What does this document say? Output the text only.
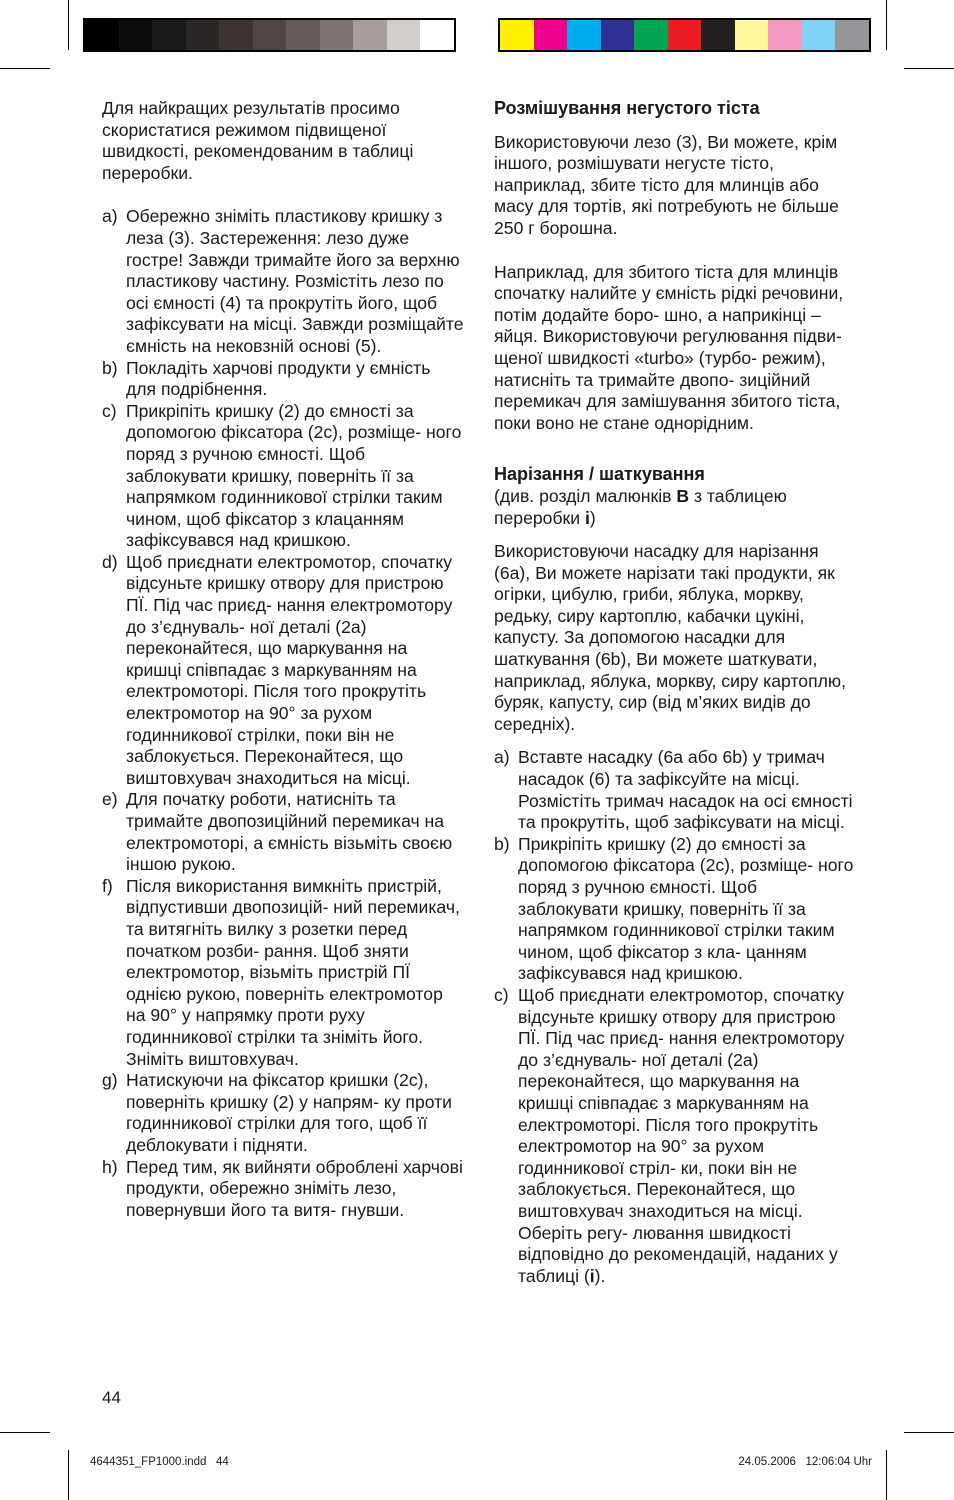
Для найкращих результатів просимо скористатися режимом підвищеної швидкості, рекомендованим в таблиці переробки.

a) Обережно зніміть пластикову кришку з леза (3). Застереження: лезо дуже гостре! Завжди тримайте його за верхню пластикову частину. Розмістіть лезо по осі ємності (4) та прокрутіть його, щоб зафіксувати на місці. Завжди розміщайте ємність на нековзній основі (5).
b) Покладіть харчові продукти у ємність для подрібнення.
c) Прикріпіть кришку (2) до ємності за допомогою фіксатора (2c), розміще- ного поряд з ручною ємності. Щоб заблокувати кришку, поверніть її за напрямком годинникової стрілки таким чином, щоб фіксатор з клацанням зафіксувався над кришкою.
d) Щоб приєднати електромотор, спочатку відсуньте кришку отвору для пристрою ПЇ. Під час приєд- нання електромотору до з’єднуваль- ної деталі (2a) переконайтеся, що маркування на кришці співпадає з маркуванням на електромоторі. Після того прокрутіть електромотор на 90° за рухом годинникової стрілки, поки він не заблокується. Переконайтеся, що виштовхувач знаходиться на місці.
e) Для початку роботи, натисніть та тримайте двопозиційний перемикач на електромоторі, а ємність візьміть своєю іншою рукою.
f) Після використання вимкніть пристрій, відпустивши двопозицій- ний перемикач, та витягніть вилку з розетки перед початком розби- рання. Щоб зняти електромотор, візьміть пристрій ПЇ однією рукою, поверніть електромотор на 90° у напрямку проти руху годинникової стрілки та зніміть його. Зніміть виштовхувач.
g) Натискуючи на фіксатор кришки (2c), поверніть кришку (2) у напрям- ку проти годинникової стрілки для того, щоб її деблокувати і підняти.
h) Перед тим, як вийняти оброблені харчові продукти, обережно зніміть лезо, повернувши його та витя- гнувши.

Розмішування негустого тіста

Використовуючи лезо (3), Ви можете, крім іншого, розмішувати негусте тісто, наприклад, збите тісто для млинців або масу для тортів, які потребують не більше 250 г борошна.

Наприклад, для збитого тіста для млинців спочатку налийте у ємність рідкі речовини, потім додайте боро- шно, а наприкінці – яйця. Використовуючи регулювання підви- щеної швидкості «turbo» (турбо- режим), натисніть та тримайте двопо- зиційний перемикач для замішування збитого тіста, поки воно не стане однорідним.

Нарізання / шаткування

(див. розділ малюнків B з таблицею переробки i)

Використовуючи насадку для нарізання (6a), Ви можете нарізати такі продукти, як огірки, цибулю, гриби, яблука, моркву, редьку, сиру картоплю, кабачки цукіні, капусту. За допомогою насадки для шаткування (6b), Ви можете шаткувати, наприклад, яблука, моркву, сиру картоплю, буряк, капусту, сир (від м’яких видів до середніх).

a) Вставте насадку (6a або 6b) у тримач насадок (6) та зафіксуйте на місці. Розмістіть тримач насадок на осі ємності та прокрутіть, щоб зафіксувати на місці.
b) Прикріпіть кришку (2) до ємності за допомогою фіксатора (2c), розміще- ного поряд з ручною ємності. Щоб заблокувати кришку, поверніть її за напрямком годинникової стрілки таким чином, щоб фіксатор з кла- цанням зафіксувався над кришкою.
c) Щоб приєднати електромотор, спочатку відсуньте кришку отвору для пристрою ПЇ. Під час приєд- нання електромотору до з’єднуваль- ної деталі (2a) переконайтеся, що маркування на кришці співпадає з маркуванням на електромоторі. Після того прокрутіть електромотор на 90° за рухом годинникової стріл- ки, поки він не заблокується. Переконайтеся, що виштовхувач знаходиться на місці. Оберіть регу- лювання швидкості відповідно до рекомендацій, наданих у таблиці (i).
44
4644351_FP1000.indd   44	24.05.2006   12:06:04 Uhr
